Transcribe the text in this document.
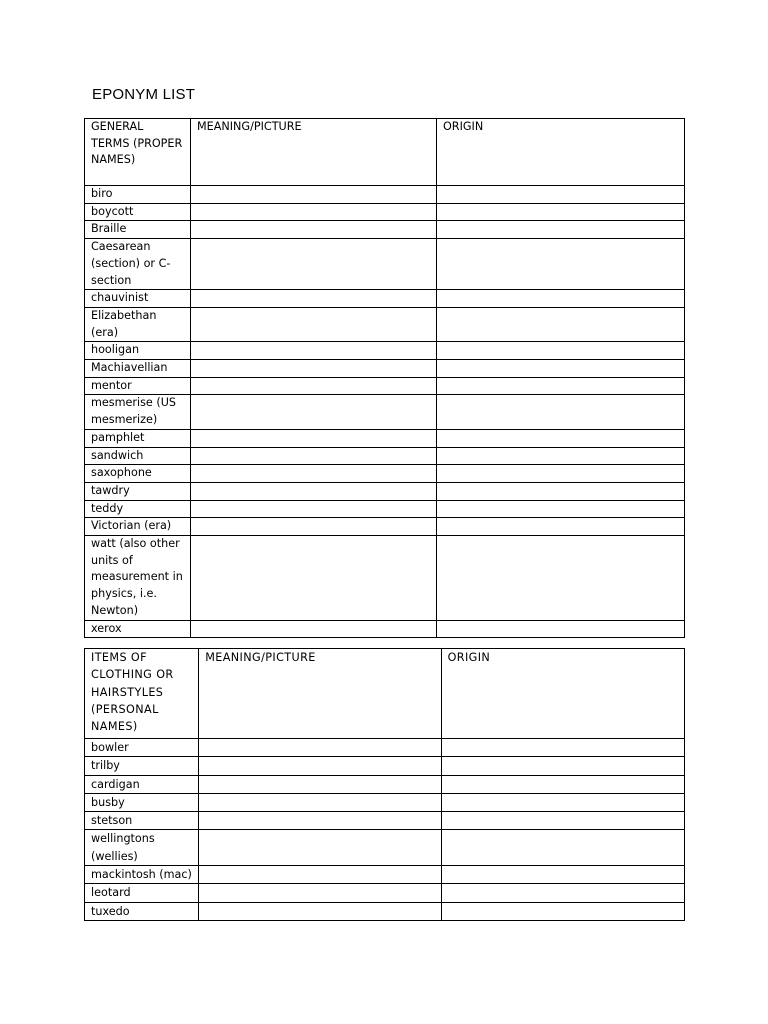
EPONYM LIST
GENERAL TERMS (PROPER NAMES)	MEANING/PICTURE	ORIGIN
biro		
boycott		
Braille		
Caesarean (section) or C-section		
chauvinist		
Elizabethan (era)		
hooligan		
Machiavellian		
mentor		
mesmerise (US mesmerize)		
pamphlet		
sandwich		
saxophone		
tawdry		
teddy		
Victorian (era)		
watt (also other units of measurement in physics, i.e. Newton)		
xerox		
ITEMS OF CLOTHING OR HAIRSTYLES (PERSONAL NAMES)	MEANING/PICTURE	ORIGIN
bowler		
trilby		
cardigan		
busby		
stetson		
wellingtons (wellies)		
mackintosh (mac)		
leotard		
tuxedo		
